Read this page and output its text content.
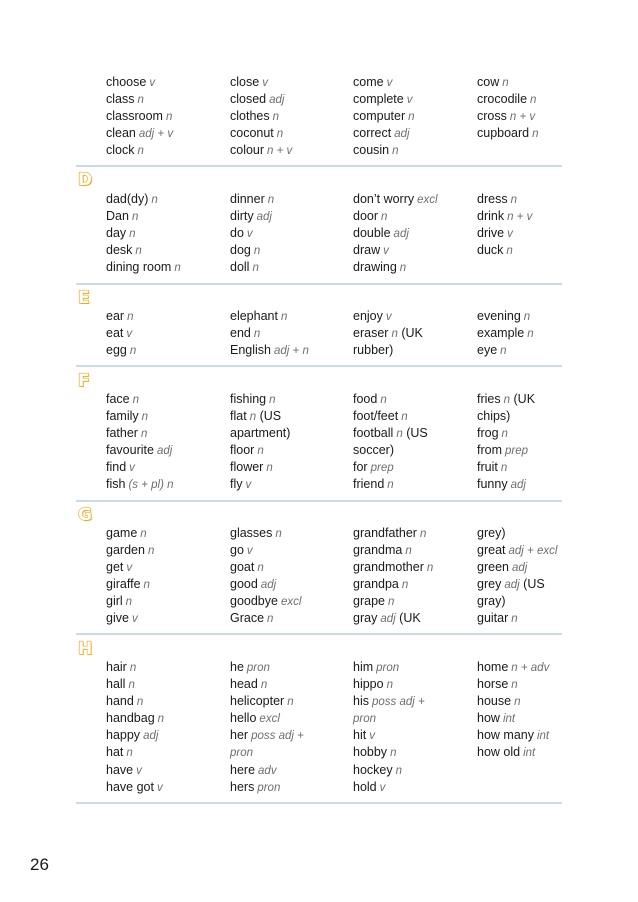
choose v
class n
classroom n
clean adj + v
clock n
close v
closed adj
clothes n
coconut n
colour n + v
come v
complete v
computer n
correct adj
cousin n
cow n
crocodile n
cross n + v
cupboard n
D
dad(dy) n
Dan n
day n
desk n
dining room n
dinner n
dirty adj
do v
dog n
doll n
don’t worry excl
door n
double adj
draw v
drawing n
dress n
drink n + v
drive v
duck n
E
ear n
eat v
egg n
elephant n
end n
English adj + n
enjoy v
eraser n (UK
rubber)
evening n
example n
eye n
F
face n
family n
father n
favourite adj
find v
fish (s + pl) n
fishing n
flat n (US
apartment)
floor n
flower n
fly v
food n
foot/feet n
football n (US
soccer)
for prep
friend n
fries n (UK
chips)
frog n
from prep
fruit n
funny adj
G
game n
garden n
get v
giraffe n
girl n
give v
glasses n
go v
goat n
good adj
goodbye excl
Grace n
grandfather n
grandma n
grandmother n
grandpa n
grape n
gray adj (UK
grey)
great adj + excl
green adj
grey adj (US
gray)
guitar n
H
hair n
hall n
hand n
handbag n
happy adj
hat n
have v
have got v
he pron
head n
helicopter n
hello excl
her poss adj +
pron
here adv
hers pron
him pron
hippo n
his poss adj +
pron
hit v
hobby n
hockey n
hold v
home n + adv
horse n
house n
how int
how many int
how old int
26
